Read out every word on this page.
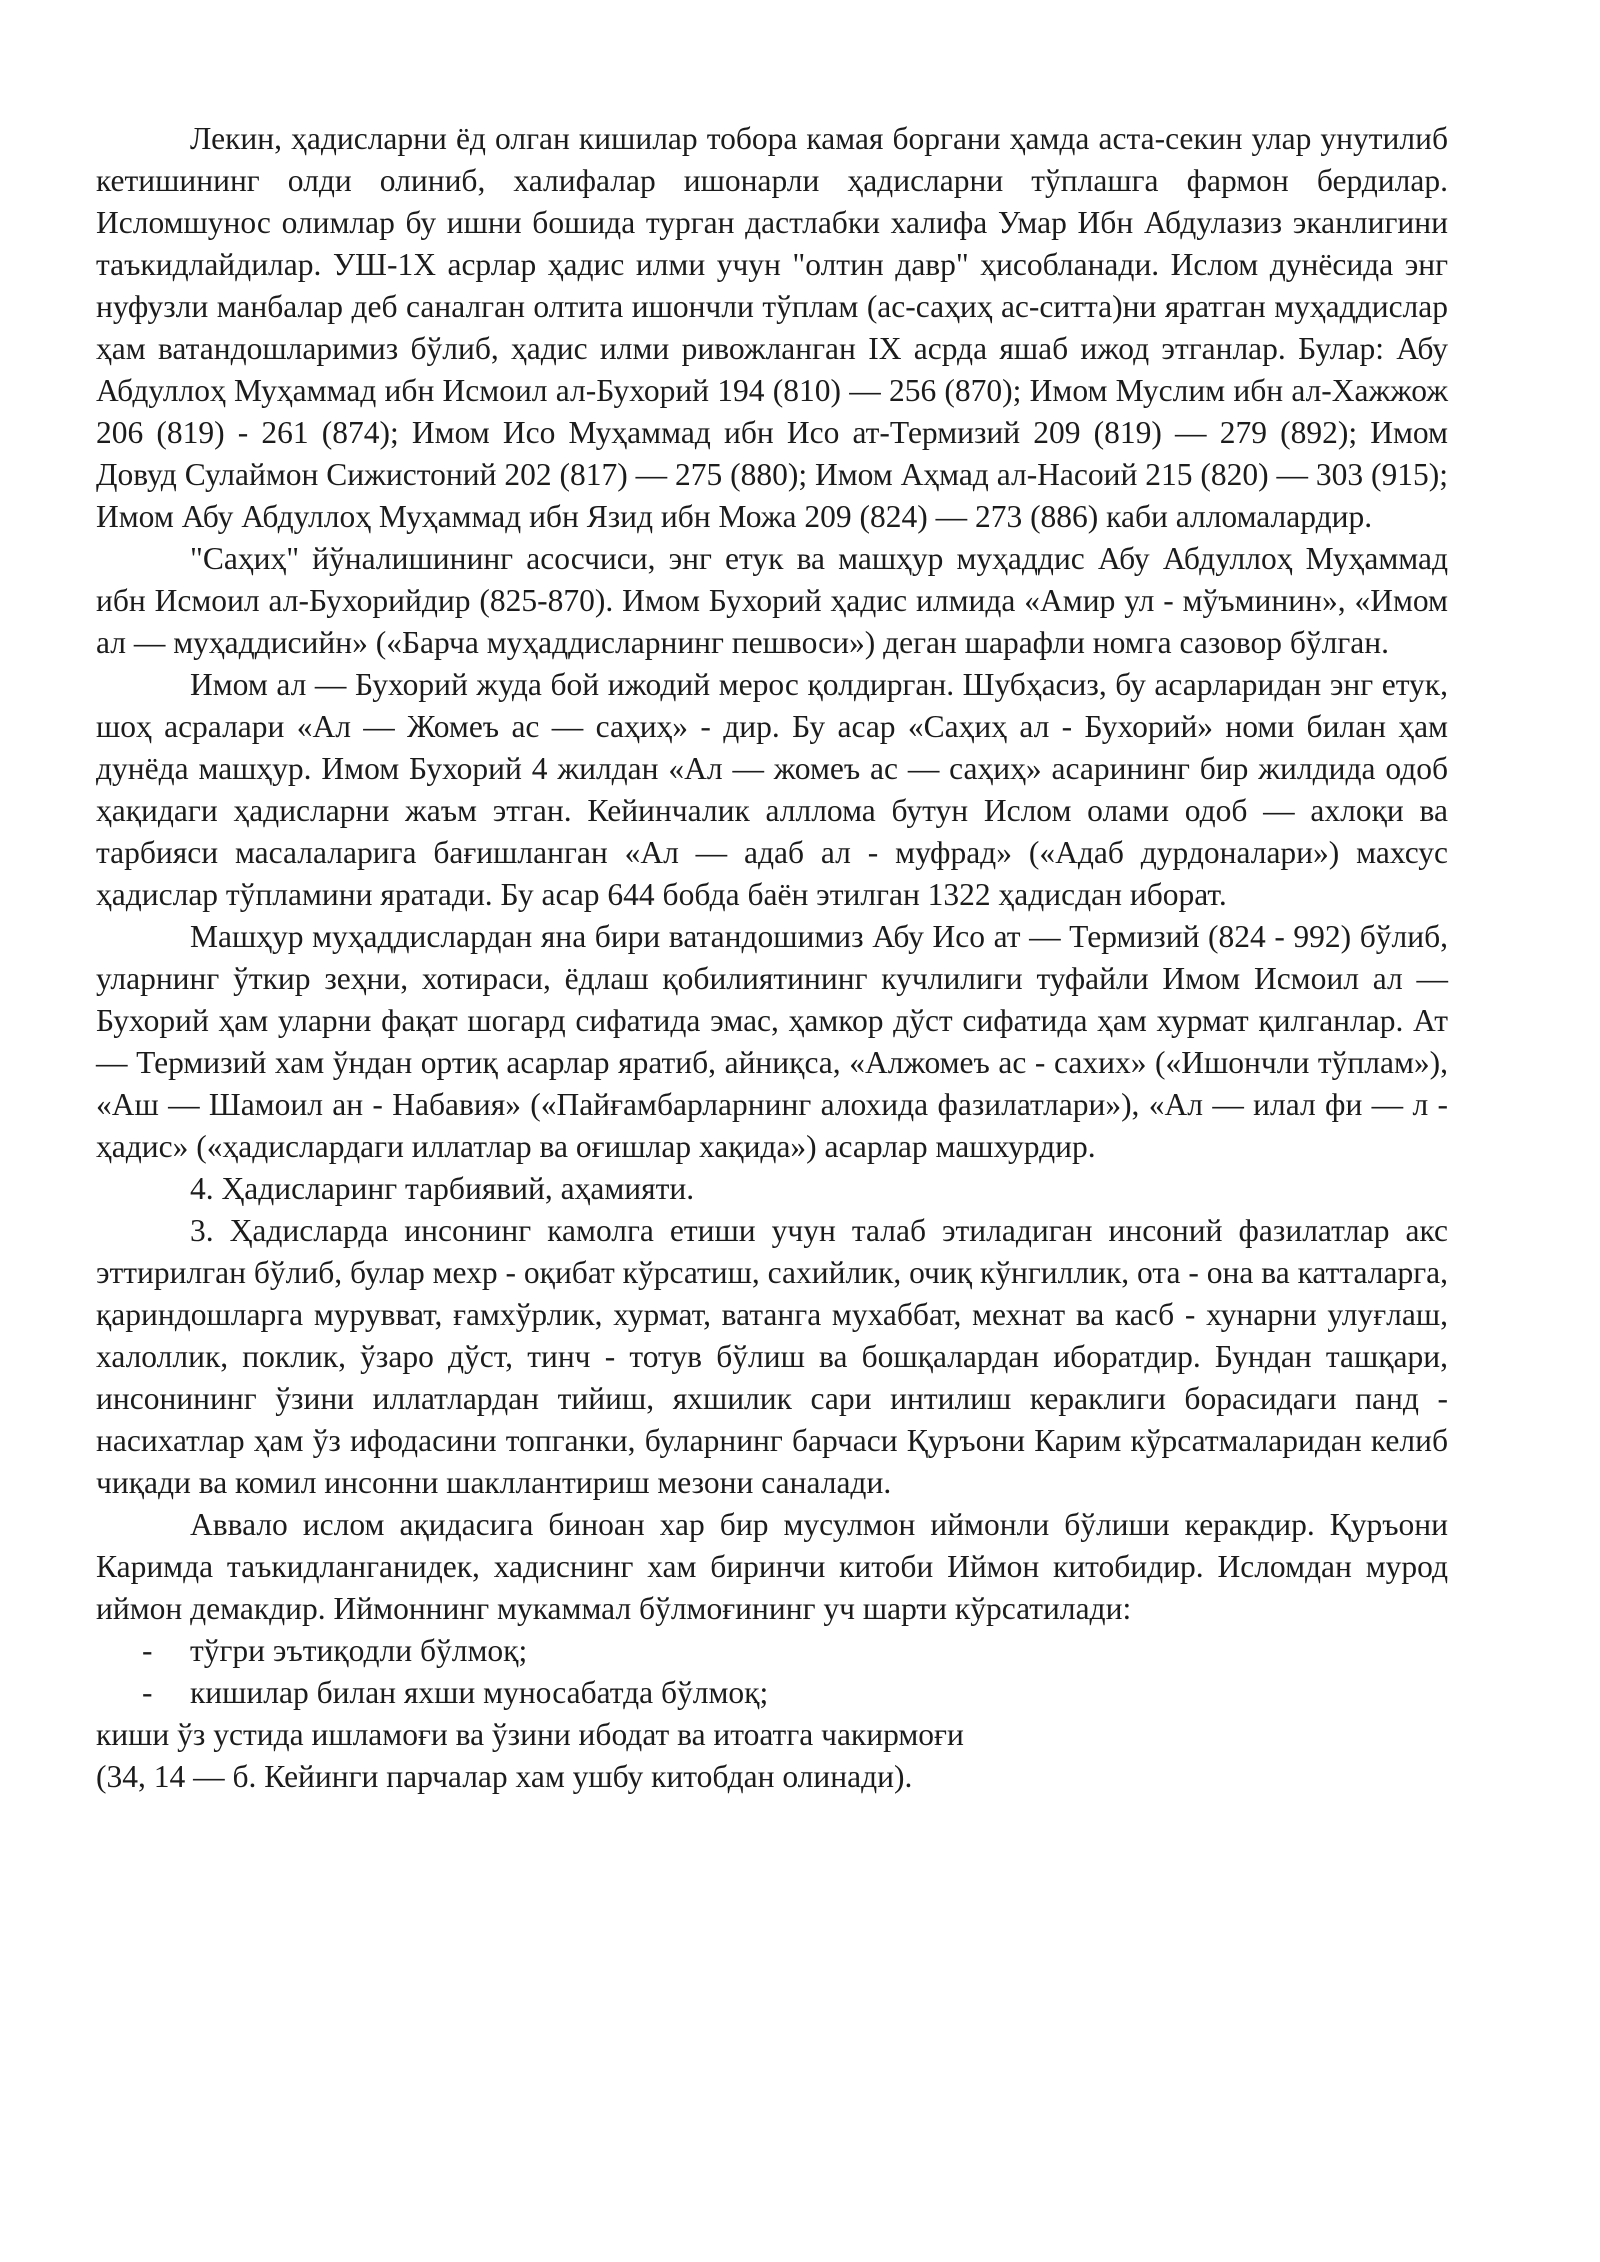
Лекин, ҳадисларни ёд олган кишилар тобора камая боргани ҳамда аста-секин улар унутилиб кетишининг олди олиниб, халифалар ишонарли ҳадисларни тўплашга фармон бердилар. Исломшунос олимлар бу ишни бошида турган дастлабки халифа Умар Ибн Абдулазиз эканлигини таъкидлайдилар. УШ-1Х асрлар ҳадис илми учун "олтин давр" ҳисобланади. Ислом дунёсида энг нуфузли манбалар деб саналган олтита ишончли тўплам (ас-саҳиҳ ас-ситта)ни яратган муҳаддислар ҳам ватандошларимиз бўлиб, ҳадис илми ривожланган IX асрда яшаб ижод этганлар. Булар: Абу Абдуллоҳ Муҳаммад ибн Исмоил ал-Бухорий 194 (810) — 256 (870); Имом Муслим ибн ал-Хажжож 206 (819) - 261 (874); Имом Исо Муҳаммад ибн Исо ат-Термизий 209 (819) — 279 (892); Имом Довуд Сулаймон Сижистоний 202 (817) — 275 (880); Имом Аҳмад ал-Насоий 215 (820) — 303 (915); Имом Абу Абдуллоҳ Муҳаммад ибн Язид ибн Можа 209 (824) — 273 (886) каби алломалардир.

"Саҳиҳ" йўналишининг асосчиси, энг етук ва машҳур муҳаддис Абу Абдуллоҳ Муҳаммад ибн Исмоил ал-Бухорийдир (825-870). Имом Бухорий ҳадис илмида «Амир ул - мўъминин», «Имом ал — муҳаддисийн» («Барча муҳаддисларнинг пешвоси») деган шарафли номга сазовор бўлган.

Имом ал — Бухорий жуда бой ижодий мерос қолдирган. Шубҳасиз, бу асарларидан энг етук, шоҳ асралари «Ал — Жомеъ ас — саҳиҳ» - дир. Бу асар «Саҳиҳ ал - Бухорий» номи билан ҳам дунёда машҳур. Имом Бухорий 4 жилдан «Ал — жомеъ ас — саҳиҳ» асарининг бир жилдида одоб ҳақидаги ҳадисларни жаъм этган. Кейинчалик алллома бутун Ислом олами одоб — ахлоқи ва тарбияси масалаларига бағишланган «Ал — адаб ал - муфрад» («Адаб дурдоналари») махсус ҳадислар тўпламини яратади. Бу асар 644 бобда баён этилган 1322 ҳадисдан иборат.

Машҳур муҳаддислардан яна бири ватандошимиз Абу Исо ат — Термизий (824 - 992) бўлиб, уларнинг ўткир зеҳни, хотираси, ёдлаш қобилиятининг кучлилиги туфайли Имом Исмоил ал — Бухорий ҳам уларни фақат шогард сифатида эмас, ҳамкор дўст сифатида ҳам хурмат қилганлар. Ат — Термизий хам ўндан ортиқ асарлар яратиб, айниқса, «Алжомеъ ас - сахих» («Ишончли тўплам»), «Аш — Шамоил ан - Набавия» («Пайғамбарларнинг алохида фазилатлари»), «Ал — илал фи — л - ҳадис» («ҳадислардаги иллатлар ва оғишлар хақида») асарлар машхурдир.

4. Ҳадисларинг тарбиявий, аҳамияти.

3. Ҳадисларда инсонинг камолга етиши учун талаб этиладиган инсоний фазилатлар акс эттирилган бўлиб, булар мехр - оқибат кўрсатиш, сахийлик, очиқ кўнгиллик, ота - она ва катталарга, қариндошларга мурувват, ғамхўрлик, хурмат, ватанга мухаббат, мехнат ва касб - хунарни улуғлаш, халоллик, поклик, ўзаро дўст, тинч - тотув бўлиш ва бошқалардан иборатдир. Бундан ташқари, инсонининг ўзини иллатлардан тийиш, яхшилик сари интилиш кераклиги борасидаги панд - насихатлар ҳам ўз ифодасини топганки, буларнинг барчаси Қуръони Карим кўрсатмаларидан келиб чиқади ва комил инсонни шакллантириш мезони саналади.

Аввало ислом ақидасига биноан хар бир мусулмон иймонли бўлиши керакдир. Қуръони Каримда таъкидланганидек, хадиснинг хам биринчи китоби Иймон китобидир. Исломдан мурод иймон демакдир. Иймоннинг мукаммал бўлмоғининг уч шарти кўрсатилади:

- тўгри эътиқодли бўлмоқ;
- кишилар билан яхши муносабатда бўлмоқ;

киши ўз устида ишламоғи ва ўзини ибодат ва итоатга чакирмоғи

(34, 14 — б. Кейинги парчалар хам ушбу китобдан олинади).
